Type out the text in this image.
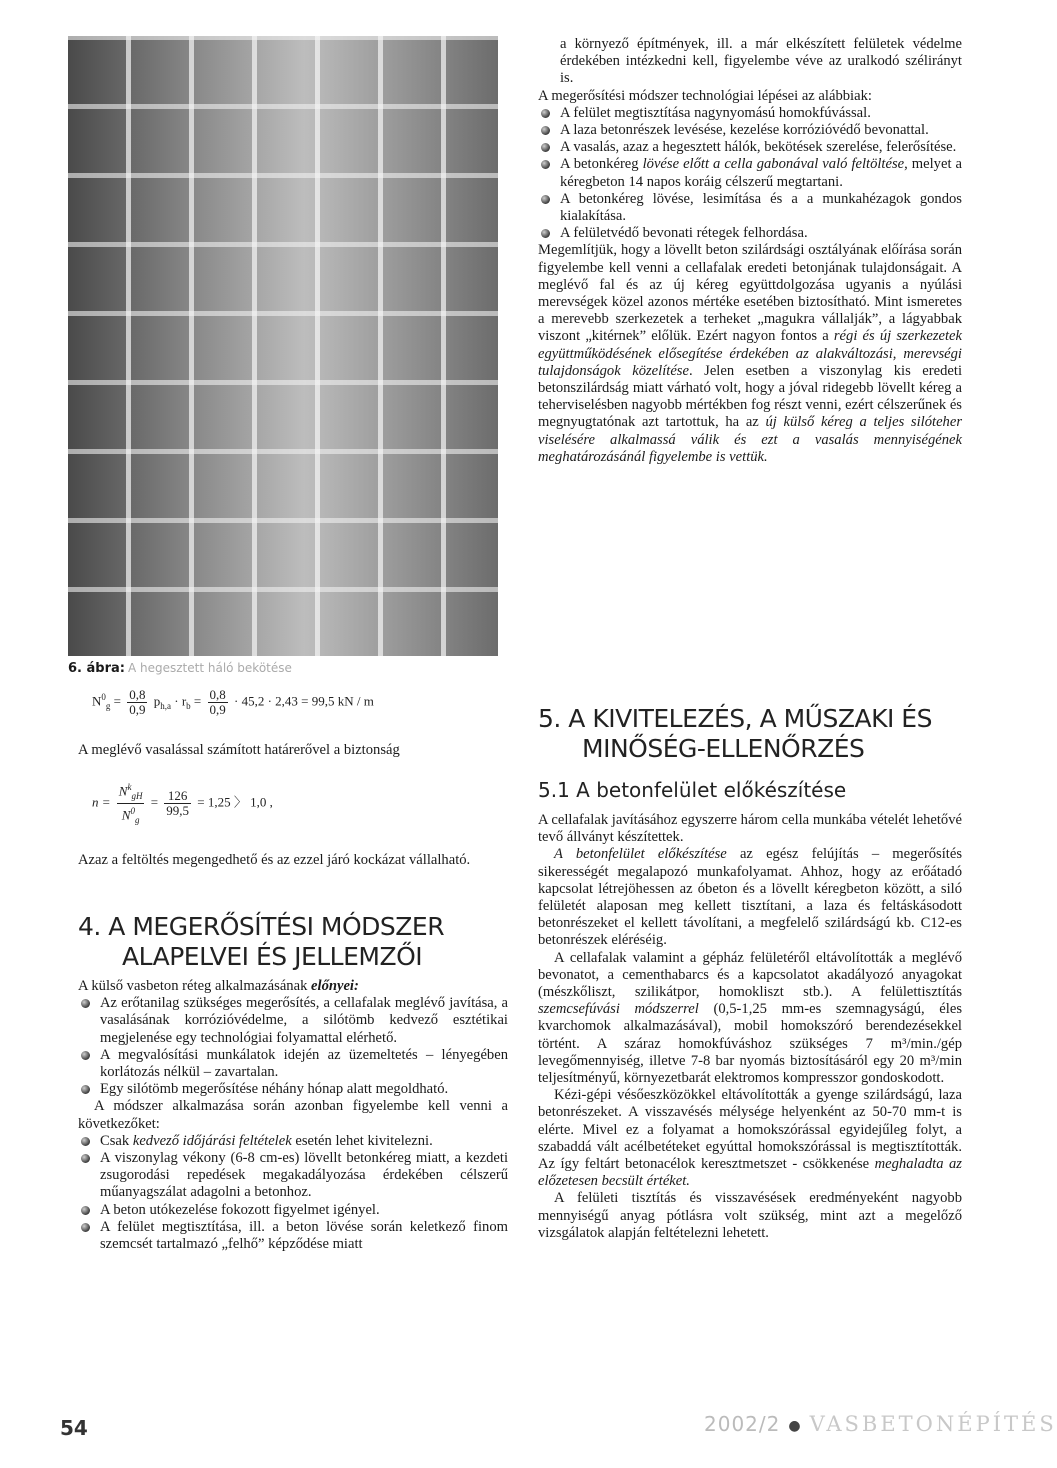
6. ábra: A hegesztett háló bekötése
$N^0_g = \frac{0,8}{0,9} p_{h,a} \cdot r_b = \frac{0,8}{0,9} \cdot 45,2 \cdot 2,43 = 99,5$ kN / m

A meglévő vasalással számított határerővel a biztonság

$n = \frac{N^k_{gH}}{N^0_g} = \frac{126}{99,5} = 1,25$ 〉 1,0 ,

Azaz a feltöltés megengedhető és az ezzel járó kockázat vállalható.

4. A MEGERŐSÍTÉSI MÓDSZER
ALAPELVEI ÉS JELLEMZŐI

A külső vasbeton réteg alkalmazásának előnyei:

Az erőtanilag szükséges megerősítés, a cellafalak meglévő javítása, a vasalásának korrózióvédelme, a silótömb kedvező esztétikai megjelenése egy technológiai folyamattal elérhető.
A megvalósítási munkálatok idején az üzemeltetés – lényegében korlátozás nélkül – zavartalan.
Egy silótömb megerősítése néhány hónap alatt megoldható.

A módszer alkalmazása során azonban figyelembe kell venni a következőket:

Csak kedvező időjárási feltételek esetén lehet kivitelezni.
A viszonylag vékony (6-8 cm-es) lövellt betonkéreg miatt, a kezdeti zsugorodási repedések megakadályozása érdekében célszerű műanyagszálat adagolni a betonhoz.
A beton utókezelése fokozott figyelmet igényel.
A felület megtisztítása, ill. a beton lövése során keletkező finom szemcsét tartalmazó „felhő” képződése miatt

a környező építmények, ill. a már elkészített felületek védelme érdekében intézkedni kell, figyelembe véve az uralkodó szélirányt is.

A megerősítési módszer technológiai lépései az alábbiak:

A felület megtisztítása nagynyomású homokfúvással.
A laza betonrészek levésése, kezelése korrózióvédő bevonattal.
A vasalás, azaz a hegesztett hálók, bekötések szerelése, felerősítése.
A betonkéreg lövése előtt a cella gabonával való feltöltése, melyet a kéregbeton 14 napos koráig célszerű megtartani.
A betonkéreg lövése, lesimítása és a a munkahézagok gondos kialakítása.
A felületvédő bevonati rétegek felhordása.

Megemlítjük, hogy a lövellt beton szilárdsági osztályának előírása során figyelembe kell venni a cellafalak eredeti betonjának tulajdonságait. A meglévő fal és az új kéreg együttdolgozása ugyanis a nyúlási merevségek közel azonos mértéke esetében biztosítható. Mint ismeretes a merevebb szerkezetek a terheket „magukra vállalják”, a lágyabbak viszont „kitérnek” előlük. Ezért nagyon fontos a régi és új szerkezetek együttműködésének elősegítése érdekében az alakváltozási, merevségi tulajdonságok közelítése. Jelen esetben a viszonylag kis eredeti betonszilárdság miatt várható volt, hogy a jóval ridegebb lövellt kéreg a teherviselésben nagyobb mértékben fog részt venni, ezért célszerűnek és megnyugtatónak azt tartottuk, ha az új külső kéreg a teljes silóteher viselésére alkalmassá válik és ezt a vasalás mennyiségének meghatározásánál figyelembe is vettük.

5. A KIVITELEZÉS, A MŰSZAKI ÉS
MINŐSÉG-ELLENŐRZÉS
5.1 A betonfelület előkészítése

A cellafalak javításához egyszerre három cella munkába vételét lehetővé tevő állványt készítettek.

A betonfelület előkészítése az egész felújítás – megerősítés sikerességét megalapozó munkafolyamat. Ahhoz, hogy az erőátadó kapcsolat létrejöhessen az óbeton és a lövellt kéregbeton között, a siló felületét alaposan meg kellett tisztítani, a laza és feltáskásodott betonrészeket el kellett távolítani, a megfelelő szilárdságú kb. C12-es betonrészek eléréséig.

A cellafalak valamint a gépház felületéről eltávolították a meglévő bevonatot, a cementhabarcs és a kapcsolatot akadályozó anyagokat (mészkőliszt, szilikátpor, homokliszt stb.). A felülettisztítás szemcsefúvási módszerrel (0,5-1,25 mm-es szemnagyságú, éles kvarchomok alkalmazásával), mobil homokszóró berendezésekkel történt. A száraz homokfúváshoz szükséges 7 m³/min./gép levegőmennyiség, illetve 7-8 bar nyomás biztosításáról egy 20 m³/min teljesítményű, környezetbarát elektromos kompresszor gondoskodott.

Kézi-gépi vésőeszközökkel eltávolították a gyenge szilárdságú, laza betonrészeket. A visszavésés mélysége helyenként az 50-70 mm-t is elérte. Mivel ez a folyamat a homokszórással egyidejűleg folyt, a szabaddá vált acélbetéteket egyúttal homokszórással is megtisztították. Az így feltárt betonacélok keresztmetszet - csökkenése meghaladta az előzetesen becsült értéket.

A felületi tisztítás és visszavésések eredményeként nagyobb mennyiségű anyag pótlásra volt szükség, mint azt a megelőző vizsgálatok alapján feltételezni lehetett.

54	2002/2 ● VASBETONÉPÍTÉS
